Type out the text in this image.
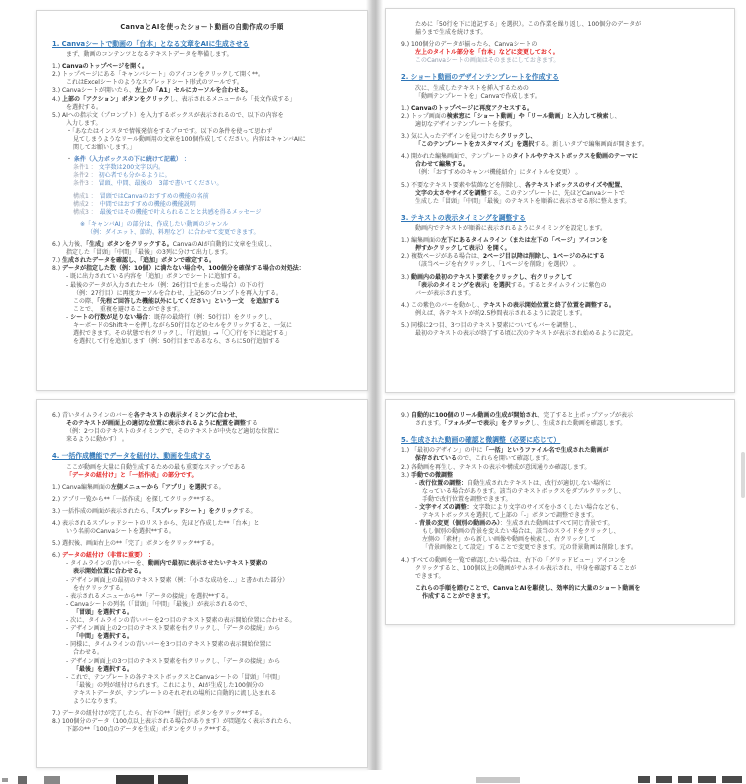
CanvaとAIを使ったショート動画の自動作成の手順
1. Canvaシートで動画の「台本」となる文章をAIに生成させる
まず、動画のコンテンツとなるテキストデータを準備します。
1.) Canvaのトップページを開く。
2.) トップページにある「キャンバシート」のアイコンをクリックして開く**。
これはExcelシートのようなスプレッドシート形式のツールです。
3.) Canvaシートが開いたら、左上の「A1」セルにカーソルを合わせる。
4.) 上部の「アクション」ボタンをクリックし、表示されるメニューから「長文作成する」
を選択する。
5.) AIへの指示文（プロンプト）を入力するボックスが表示されるので、以下の内容を
入力します。
・「あなたはインスタで情報発信をするプロです。以下の条件を使って思わず
見てしまうようなリール動画用の文章を100個作成してください。内容はキャンバAIに
関してお願いします。」
・ 条件（入力ボックスの下に続けて記載） ：
条件1 ： 文字数は200文字以内。
条件2 ： 初心者でも分かるように。
条件3 ： 冒頭、中間、最後の　3部で書いてください。
構成1 ：　冒頭ではCanvaのおすすめの機能の名前
構成2 ：　中間ではおすすめの機能の機能説明
構成3 ：　最後ではその機能で叶えられることと共感を得るメッセージ
※「キャンバAI」の部分は、作成したい動画のジャンル
（例：ダイエット、節約、料理など）に合わせて変更できます。
6.) 入力後、「生成」ボタンをクリックする。CanvaのAIが自動的に文章を生成し、
指定した「冒頭」「中間」「最後」の3列に分けて出力します。
7.) 生成されたデータを確認し、「追加」ボタンで確定する。
8.) データが指定した数（例：10個）に満たない場合や、100個分を確保する場合の対処法：
- 既に出力されている内容を「追加」ボタンでシートに追加する。
- 最後のデータが入力されたセル（例：26行目で止まった場合）の下の行
（例：27行目）に再度カーソルを合わせ、上記6のプロンプトを再入力する。
この際、「先程ご回答した機能以外にしてください」という一文　を追加する
ことで、　重複を避けることができます。
- シートの行数が足りない場合：既存の最終行（例：50行目）をクリックし、
キーボードのShiftキーを押しながら50行目などのセルをクリックすると、一気に
選択できます。その状態で右クリックし、「行追加」→「〇〇行を下に追記する」
を選択して行を追加します（例：50行目まであるなら、さらに50行追加する
ために「50行を下に追記する」を選択）。この作業を繰り返し、100個分のデータが
揃うまで生成を続けます。
9.) 100個分のデータが揃ったら、Canvaシートの
左上のタイトル部分を「台本」などに変更しておく。
このCanvaシートの画面はそのままにしておきます。
2. ショート動画のデザインテンプレートを作成する
次に、生成したテキストを挿入するための
「動画テンプレートを」Canvaで作成します。
1.) Canvaのトップページに再度アクセスする。
2.) トップ画面の検索窓に「ショート動画」や「リール動画」と入力して検索し、
適切なデザインテンプレートを探す。
3.) 気に入ったデザインを見つけたらクリックし、
「このテンプレートをカスタマイズ」を選択する。新しいタブで編集画面が開きます。
4.) 開かれた編集画面で、テンプレートのタイトルやテキストボックスを動画のテーマに
合わせて編集する。
（例：「おすすめのキャンバ機能紹介」にタイトルを変更） 。
5.) 不要なテキスト要素や装飾などを削除し、各テキストボックスのサイズや配置、
文字の太さやサイズを調整する。このテンプレートに、先ほどCanvaシートで
生成した「冒頭」「中間」「最後」のテキストを順番に表示させる形に整えます。
3. テキストの表示タイミングを調整する
動画内でテキストが順番に表示されるようにタイミングを設定します。
1.) 編集画面の左下にあるタイムライン（または左下の「ページ」アイコンを
押すかクリックして表示）を開く。
2.) 複数ページがある場合は、2ページ目以降は削除し、1ページのみにする
（該当ページを右クリックし、「1ページを削除」を選択） 。
3.) 動画内の最初のテキスト要素をクリックし、右クリックして
「表示のタイミングを表示」を選択する。するとタイムラインに紫色の
バーが表示されます。
4.) この紫色のバーを動かし、テキストの表示開始位置と終了位置を調整する。
例えば、各テキストが約2.5秒間表示されるように設定します。
5.) 同様に2つ目、3つ目のテキスト要素についてもバーを調整し、
最初のテキストの表示が終了する頃に次のテキストが表示され始めるように設定。
6.) 青いタイムラインのバーを各テキストの表示タイミングに合わせ、
そのテキストが画面上の適切な位置に表示されるように配置を調整する
（例：2つ目のテキストのタイミングで、そのテキストが中央など適切な位置に
来るように動かす） 。
4. 一括作成機能でデータを紐付け、動画を生成する
ここが動画を大量に自動生成するための最も重要なステップである
「データの紐付け」と「一括作成」の部分です。
1.) Canva編集画面の左側メニューから「アプリ」を選択する。
2.) アプリ一覧から**「一括作成」を探してクリック**する。
3.) 一括作成の画面が表示されたら、「スプレッドシート」をクリックする。
4.) 表示されるスプレッドシートのリストから、先ほど作成した**「台本」と
いう名前のCanvaシートを選択**する。
5.) 選択後、画面右上の**「完了」ボタンをクリック**する。
6.) データの紐付け（非常に重要） ：
- タイムラインの青いバーを、動画内で最初に表示させたいテキスト要素の
表示開始位置に合わせる。
- デザイン画面上の最初のテキスト要素（例：「小さな成功を...」と書かれた部分）
を右クリックする。
- 表示されるメニューから**「データの接続」を選択**する。
- Canvaシートの列名（「冒頭」「中間」「最後」）が表示されるので、
「冒頭」を選択する。
- 次に、タイムラインの青いバーを2つ目のテキスト要素の表示開始位置に合わせる。
- デザイン画面上の2つ目のテキスト要素を右クリックし、「データの接続」から
「中間」を選択する。
- 同様に、タイムラインの青いバーを3つ目のテキスト要素の表示開始位置に
合わせる。
- デザイン画面上の3つ目のテキスト要素を右クリックし、「データの接続」から
「最後」を選択する。
- これで、テンプレートの各テキストボックスとCanvaシートの「冒頭」「中間」
「最後」の列が紐付けられます。これにより、AIが生成した100個分の
テキストデータが、テンプレートのそれぞれの場所に自動的に流し込まれる
ようになります。
7.) データの紐付けが完了したら、右下の**「続行」ボタンをクリック**する。
8.) 100個分のデータ（100点以上表示される場合があります）が問題なく表示されたら、
下部の**「100点のデータを生成」ボタンをクリック**する。
9.) 自動的に100個のリール動画の生成が開始され、完了すると上ポップアップが表示
されます。「フォルダーで表示」をクリックし、生成された動画を確認します。
5. 生成された動画の確認と微調整（必要に応じて）
1.) 「最初のデザイン」の中に「一括」というファイル名で生成された動画が
保存されているので、これらを開いて確認します。
2.) 各動画を再生し、テキストの表示や構成が意図通りか確認します。
3.) 手動での微調整
- 改行位置の調整：自動生成されたテキストは、改行が適切しない場所に
なっている場合があります。該当のテキストボックスをダブルクリックし、
手動で改行位置を調整できます。
- 文字サイズの調整：文字数により文字のサイズを小さくしたい場合なども、
テキストボックスを選択して上部の「-」ボタンで調整できます。
- 背景の変更（個別の動画のみ）：生成された動画はすべて同じ背景です。
もし個別の動画の背景を変えたい場合は、該当のスライドをクリックし、
左側の「素材」から新しい画像や動画を検索し、右クリックして
「背景画像として設定」することで変更できます。元の背景動画は削除します。
4.) すべての動画を一覧で確認したい場合は、右下の「グリッドビュー」アイコンを
クリックすると、100個以上の動画がサムネイル表示され、中身を確認することが
できます。
これらの手順を踏むことで、CanvaとAIを駆使し、効率的に大量のショート動画を
作成することができます。
